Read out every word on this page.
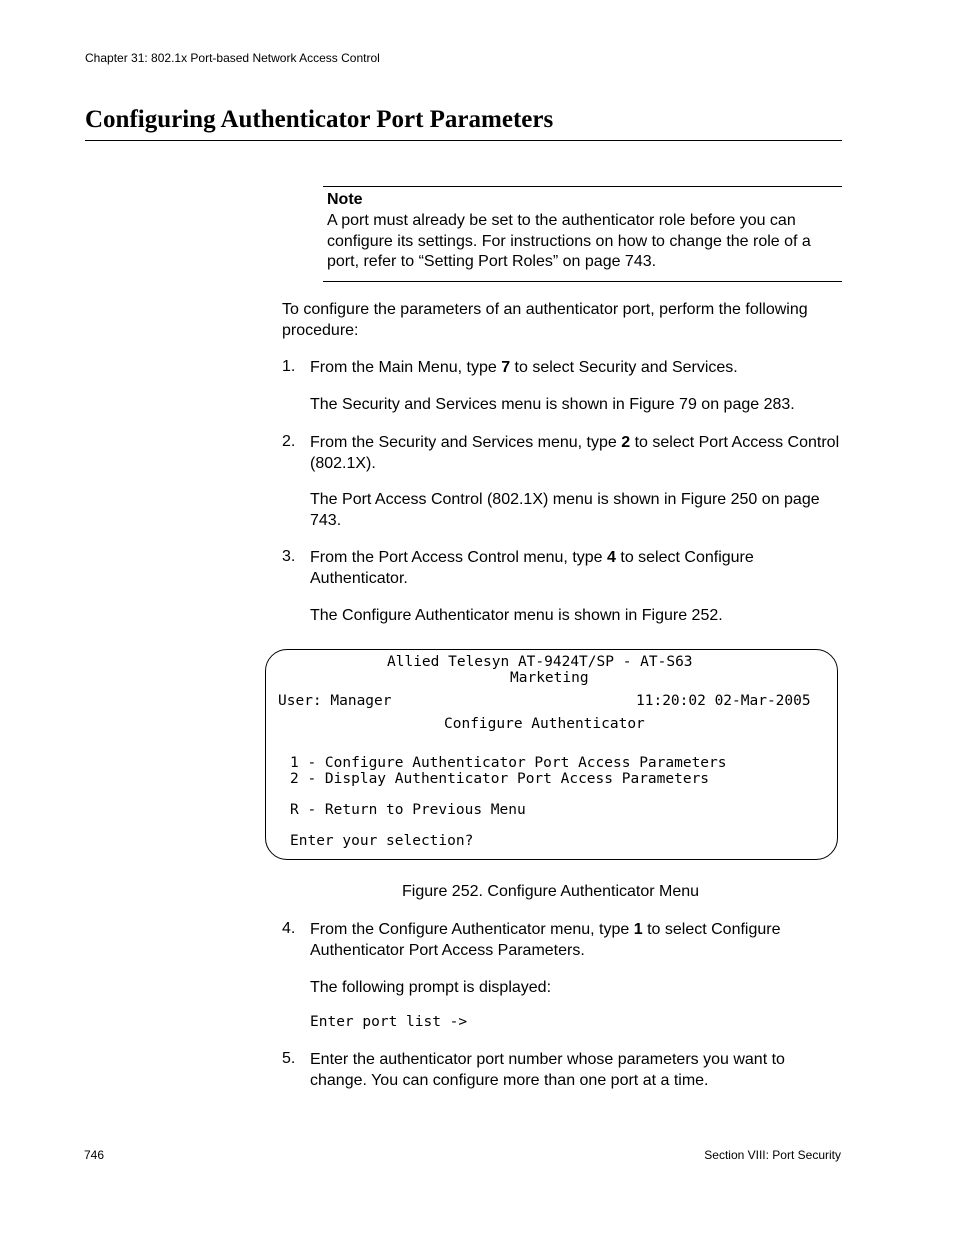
Chapter 31: 802.1x Port-based Network Access Control
Configuring Authenticator Port Parameters
Note
A port must already be set to the authenticator role before you can configure its settings. For instructions on how to change the role of a port, refer to “Setting Port Roles” on page 743.
To configure the parameters of an authenticator port, perform the following procedure:
1. From the Main Menu, type 7 to select Security and Services.
The Security and Services menu is shown in Figure 79 on page 283.
2. From the Security and Services menu, type 2 to select Port Access Control (802.1X).
The Port Access Control (802.1X) menu is shown in Figure 250 on page 743.
3. From the Port Access Control menu, type 4 to select Configure Authenticator.
The Configure Authenticator menu is shown in Figure 252.
Allied Telesyn AT-9424T/SP - AT-S63
Marketing
User: Manager	11:20:02 02-Mar-2005
Configure Authenticator
1 - Configure Authenticator Port Access Parameters
2 - Display Authenticator Port Access Parameters
R - Return to Previous Menu
Enter your selection?
Figure 252. Configure Authenticator Menu
4. From the Configure Authenticator menu, type 1 to select Configure Authenticator Port Access Parameters.
The following prompt is displayed:
Enter port list ->
5. Enter the authenticator port number whose parameters you want to change. You can configure more than one port at a time.
746	Section VIII: Port Security
